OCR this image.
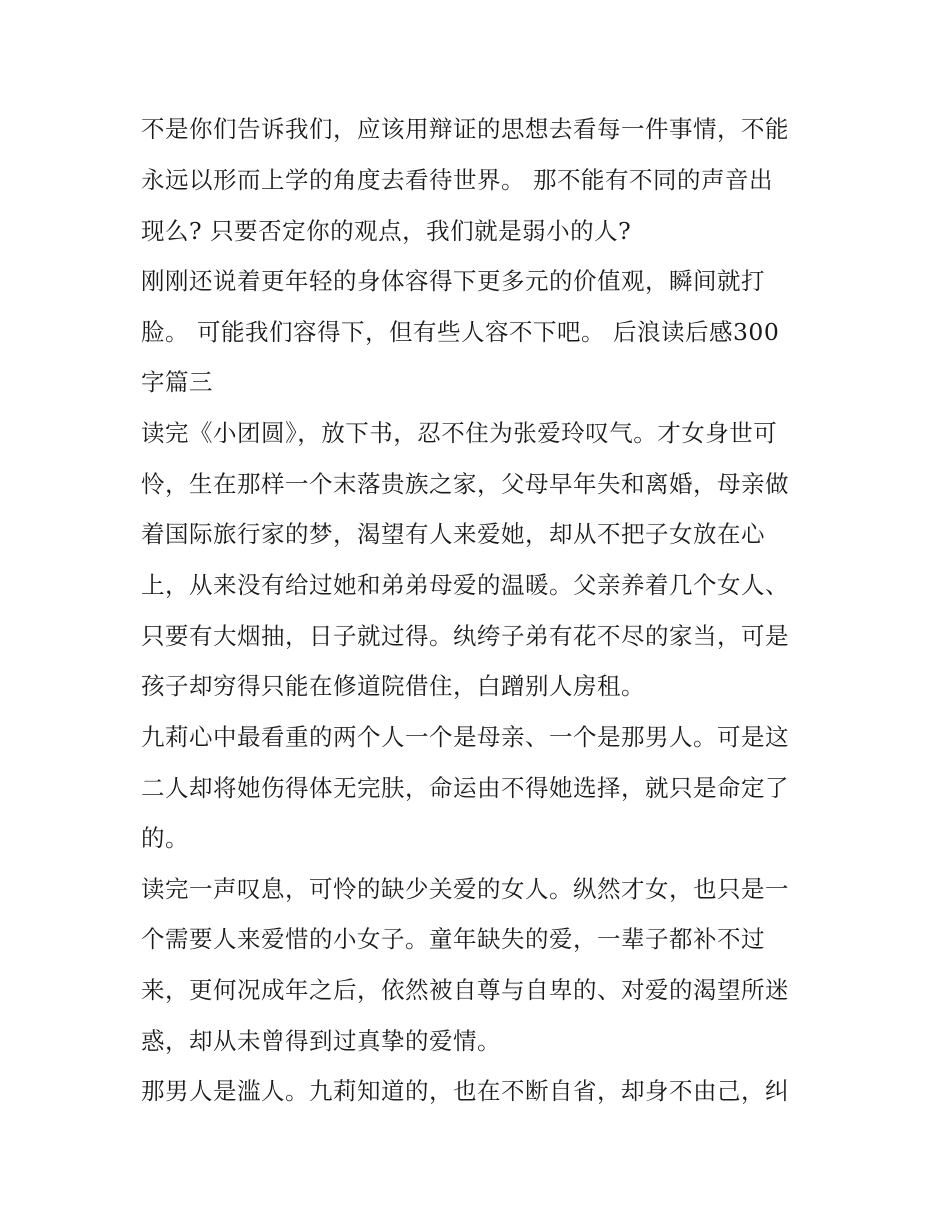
不是你们告诉我们，应该用辩证的思想去看每一件事情，不能
永远以形而上学的角度去看待世界。 那不能有不同的声音出
现么? 只要否定你的观点，我们就是弱小的人?
刚刚还说着更年轻的身体容得下更多元的价值观，瞬间就打
脸。 可能我们容得下，但有些人容不下吧。 后浪读后感300
字篇三
读完《小团圆》，放下书，忍不住为张爱玲叹气。才女身世可
怜，生在那样一个末落贵族之家，父母早年失和离婚，母亲做
着国际旅行家的梦，渴望有人来爱她，却从不把子女放在心
上，从来没有给过她和弟弟母爱的温暖。父亲养着几个女人、
只要有大烟抽，日子就过得。纨绔子弟有花不尽的家当，可是
孩子却穷得只能在修道院借住，白蹭别人房租。
九莉心中最看重的两个人一个是母亲、一个是那男人。可是这
二人却将她伤得体无完肤，命运由不得她选择，就只是命定了
的。
读完一声叹息，可怜的缺少关爱的女人。纵然才女，也只是一
个需要人来爱惜的小女子。童年缺失的爱，一辈子都补不过
来，更何况成年之后，依然被自尊与自卑的、对爱的渴望所迷
惑，却从未曾得到过真挚的爱情。
那男人是滥人。九莉知道的，也在不断自省，却身不由己，纠
